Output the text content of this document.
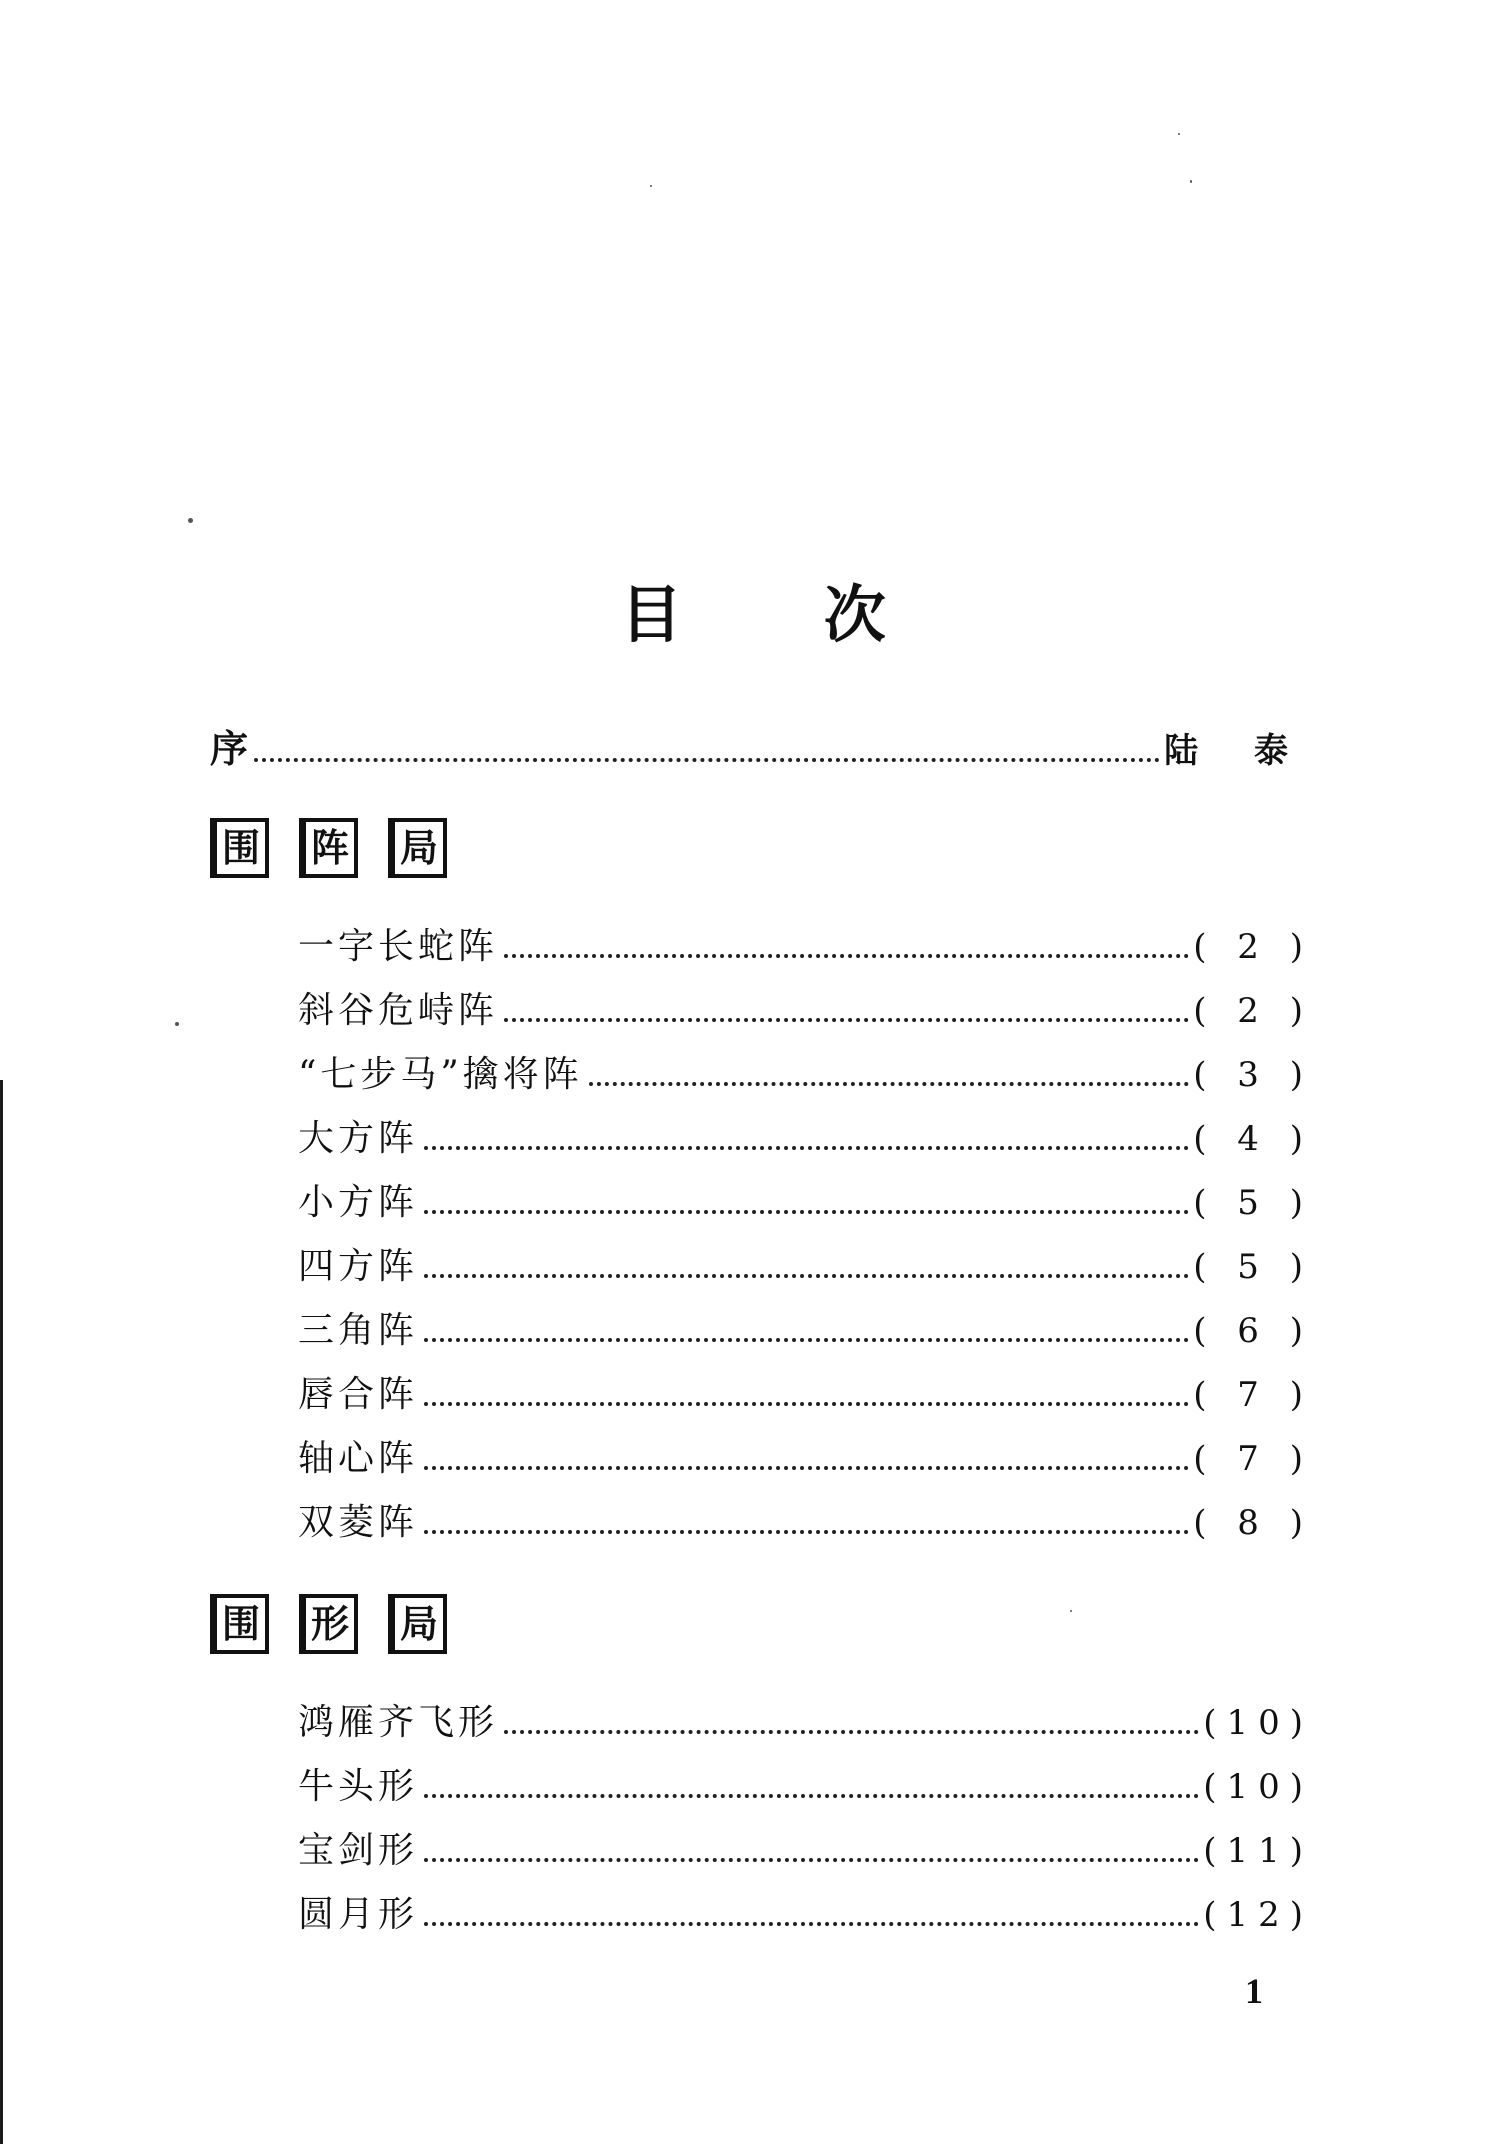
目 次
序	陆 泰
围	阵	局
一字长蛇阵	( 2 )
斜谷危峙阵	( 2 )
“七步马”擒将阵	( 3 )
大方阵	( 4 )
小方阵	( 5 )
四方阵	( 5 )
三角阵	( 6 )
唇合阵	( 7 )
轴心阵	( 7 )
双菱阵	( 8 )
围	形	局
鸿雁齐飞形	(10)
牛头形	(10)
宝剑形	(11)
圆月形	(12)
1
